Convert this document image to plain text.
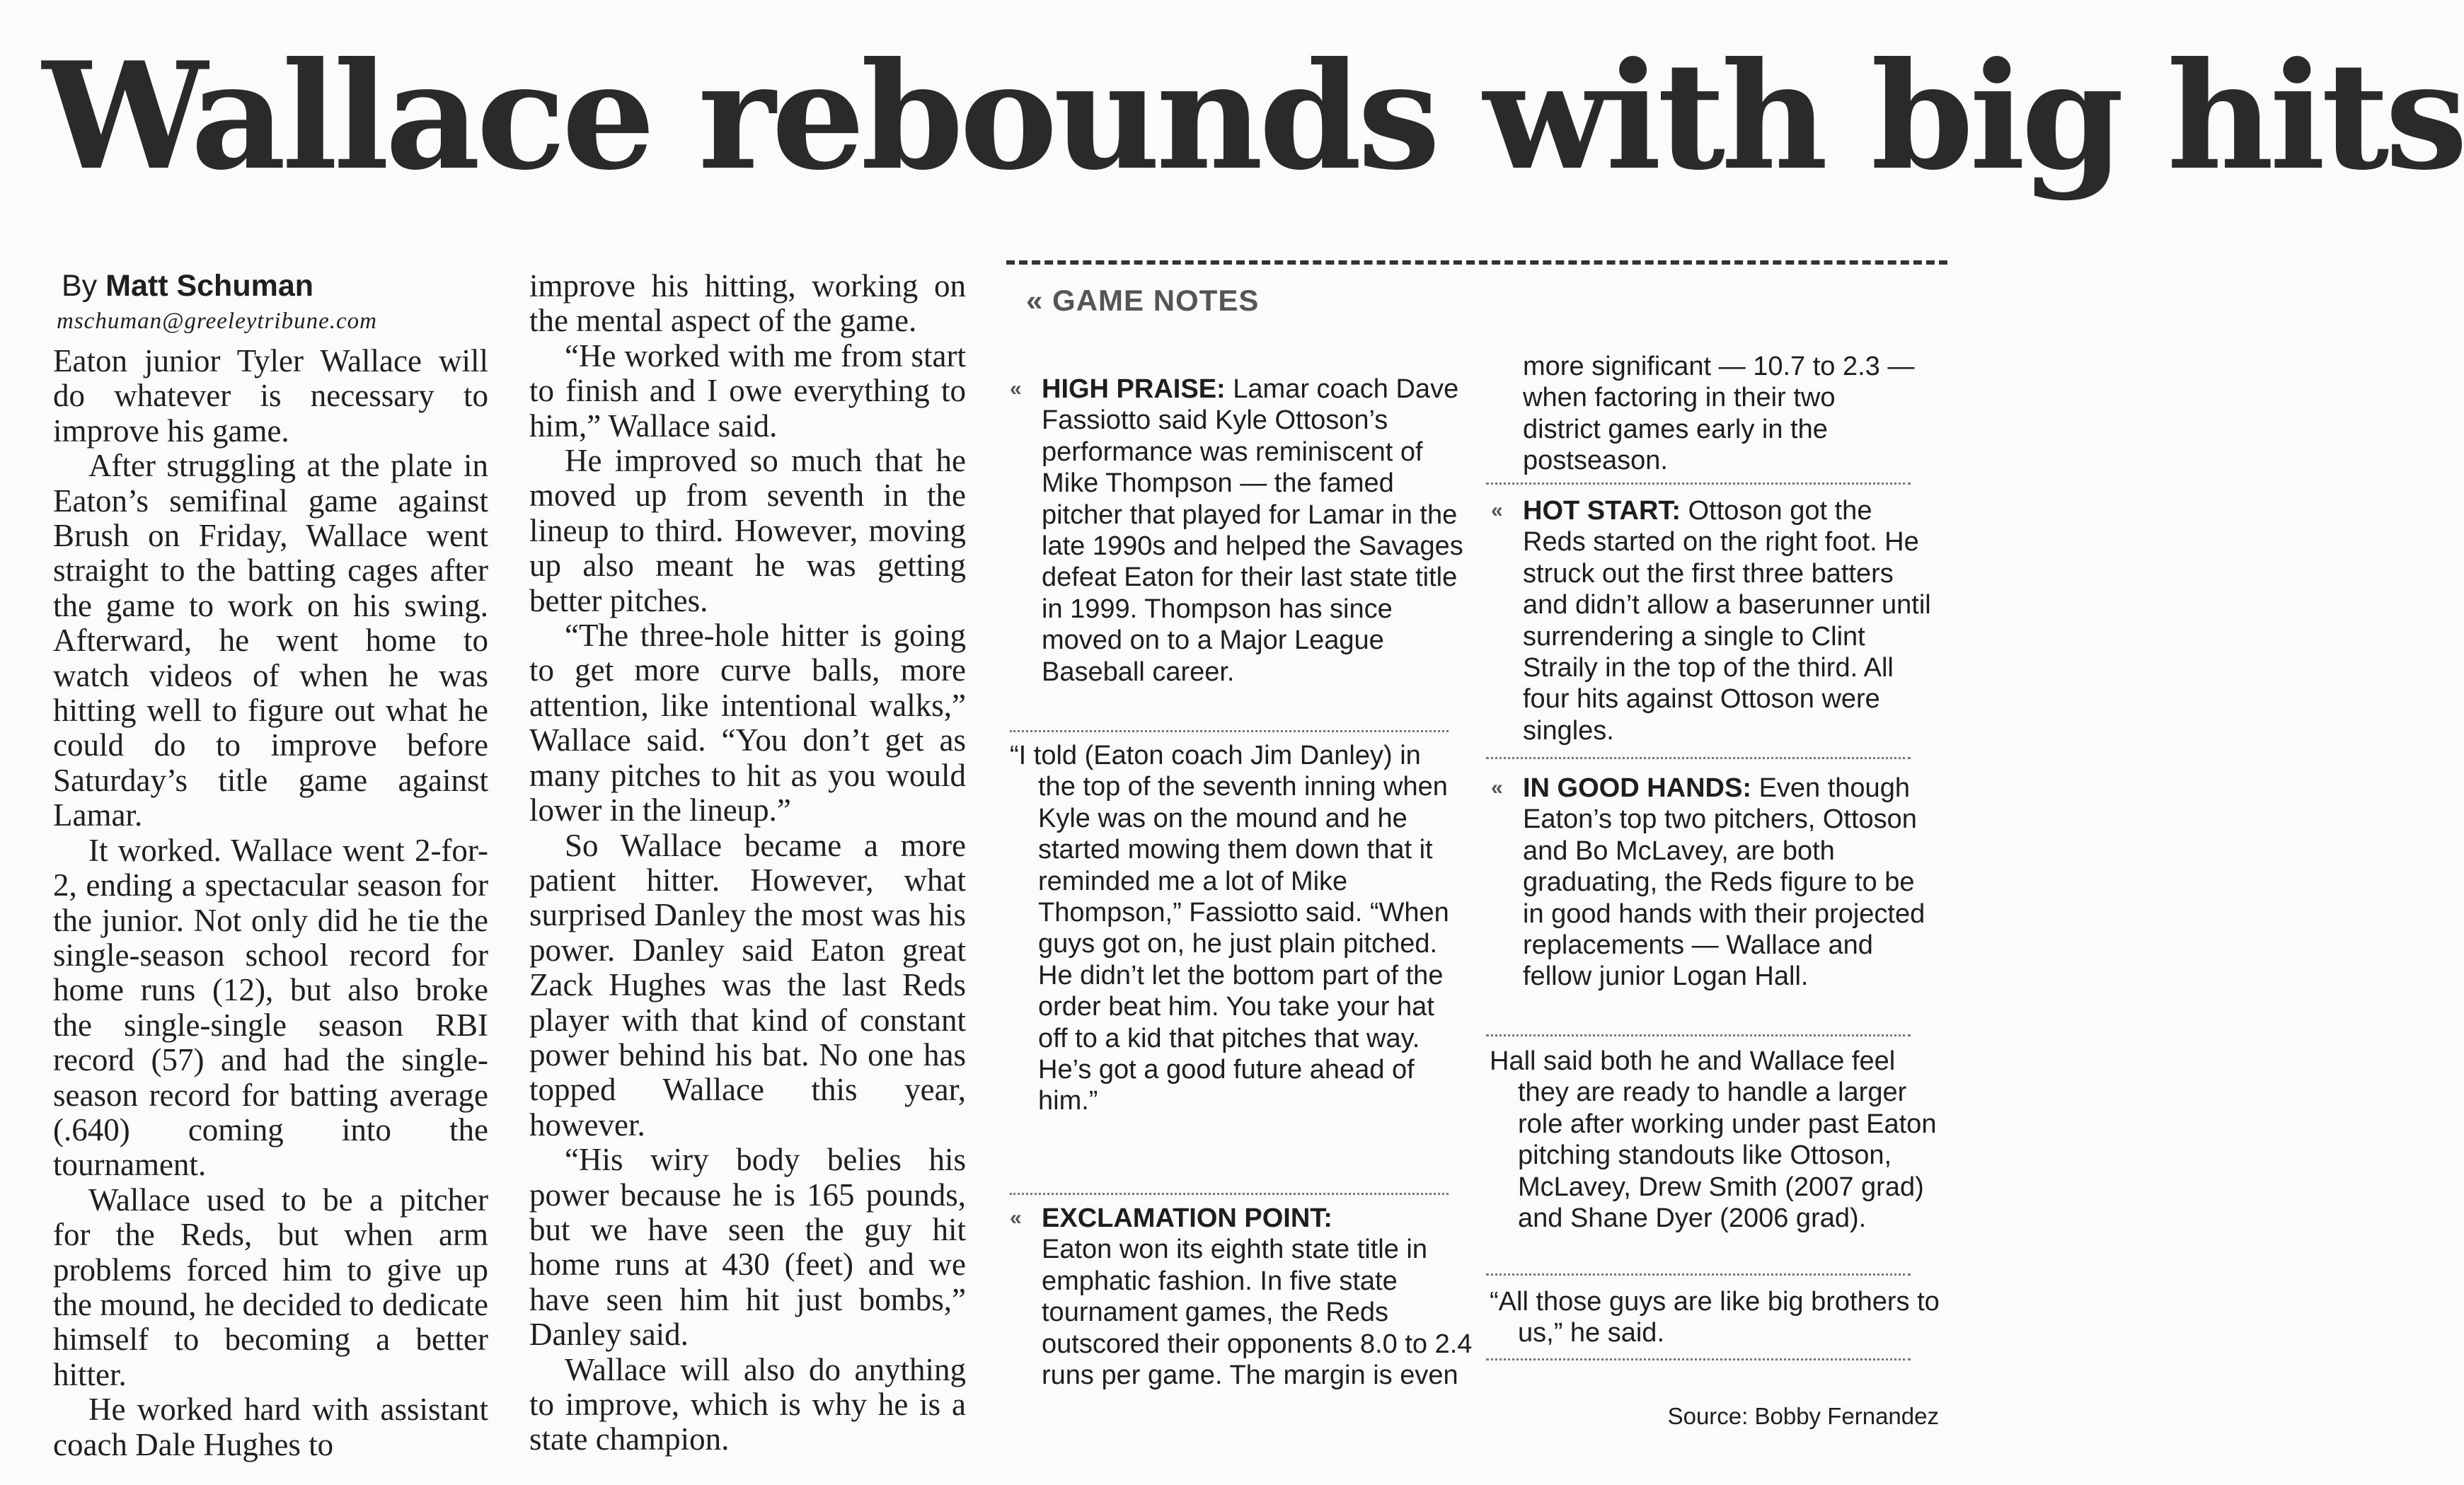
Wallace rebounds with big hits
By Matt Schuman
mschuman@greeleytribune.com

Eaton junior Tyler Wallace will do whatever is necessary to improve his game.

After struggling at the plate in Eaton’s semifinal game against Brush on Friday, Wallace went straight to the batting cages after the game to work on his swing. Afterward, he went home to watch videos of when he was hitting well to figure out what he could do to improve before Saturday’s title game against Lamar.

It worked. Wallace went 2-for-2, ending a spectacular season for the junior. Not only did he tie the single-season school record for home runs (12), but also broke the single-single season RBI record (57) and had the single-season record for batting average (.640) coming into the tournament.

Wallace used to be a pitcher for the Reds, but when arm problems forced him to give up the mound, he decided to dedicate himself to becoming a better hitter.

He worked hard with assistant coach Dale Hughes to

improve his hitting, working on the mental aspect of the game.

“He worked with me from start to finish and I owe everything to him,” Wallace said.

He improved so much that he moved up from seventh in the lineup to third. However, moving up also meant he was getting better pitches.

“The three-hole hitter is going to get more curve balls, more attention, like intentional walks,” Wallace said. “You don’t get as many pitches to hit as you would lower in the lineup.”

So Wallace became a more patient hitter. However, what surprised Danley the most was his power. Danley said Eaton great Zack Hughes was the last Reds player with that kind of constant power behind his bat. No one has topped Wallace this year, however.

“His wiry body belies his power because he is 165 pounds, but we have seen the guy hit home runs at 430 (feet) and we have seen him hit just bombs,” Danley said.

Wallace will also do anything to improve, which is why he is a state champion.

« GAME NOTES
« HIGH PRAISE: Lamar coach Dave Fassiotto said Kyle Ottoson’s performance was reminiscent of Mike Thompson — the famed pitcher that played for Lamar in the late 1990s and helped the Savages defeat Eaton for their last state title in 1999. Thompson has since moved on to a Major League Baseball career.
“I told (Eaton coach Jim Danley) in the top of the seventh inning when Kyle was on the mound and he started mowing them down that it reminded me a lot of Mike Thompson,” Fassiotto said. “When guys got on, he just plain pitched. He didn’t let the bottom part of the order beat him. You take your hat off to a kid that pitches that way. He’s got a good future ahead of him.”
« EXCLAMATION POINT:
Eaton won its eighth state title in emphatic fashion. In five state tournament games, the Reds outscored their opponents 8.0 to 2.4 runs per game. The margin is even
more significant — 10.7 to 2.3 — when factoring in their two district games early in the postseason.
« HOT START: Ottoson got the Reds started on the right foot. He struck out the first three batters and didn’t allow a baserunner until surrendering a single to Clint Straily in the top of the third. All four hits against Ottoson were singles.
« IN GOOD HANDS: Even though Eaton’s top two pitchers, Ottoson and Bo McLavey, are both graduating, the Reds figure to be in good hands with their projected replacements — Wallace and fellow junior Logan Hall.
Hall said both he and Wallace feel they are ready to handle a larger role after working under past Eaton pitching standouts like Ottoson, McLavey, Drew Smith (2007 grad) and Shane Dyer (2006 grad).
“All those guys are like big brothers to us,” he said.
Source: Bobby Fernandez
